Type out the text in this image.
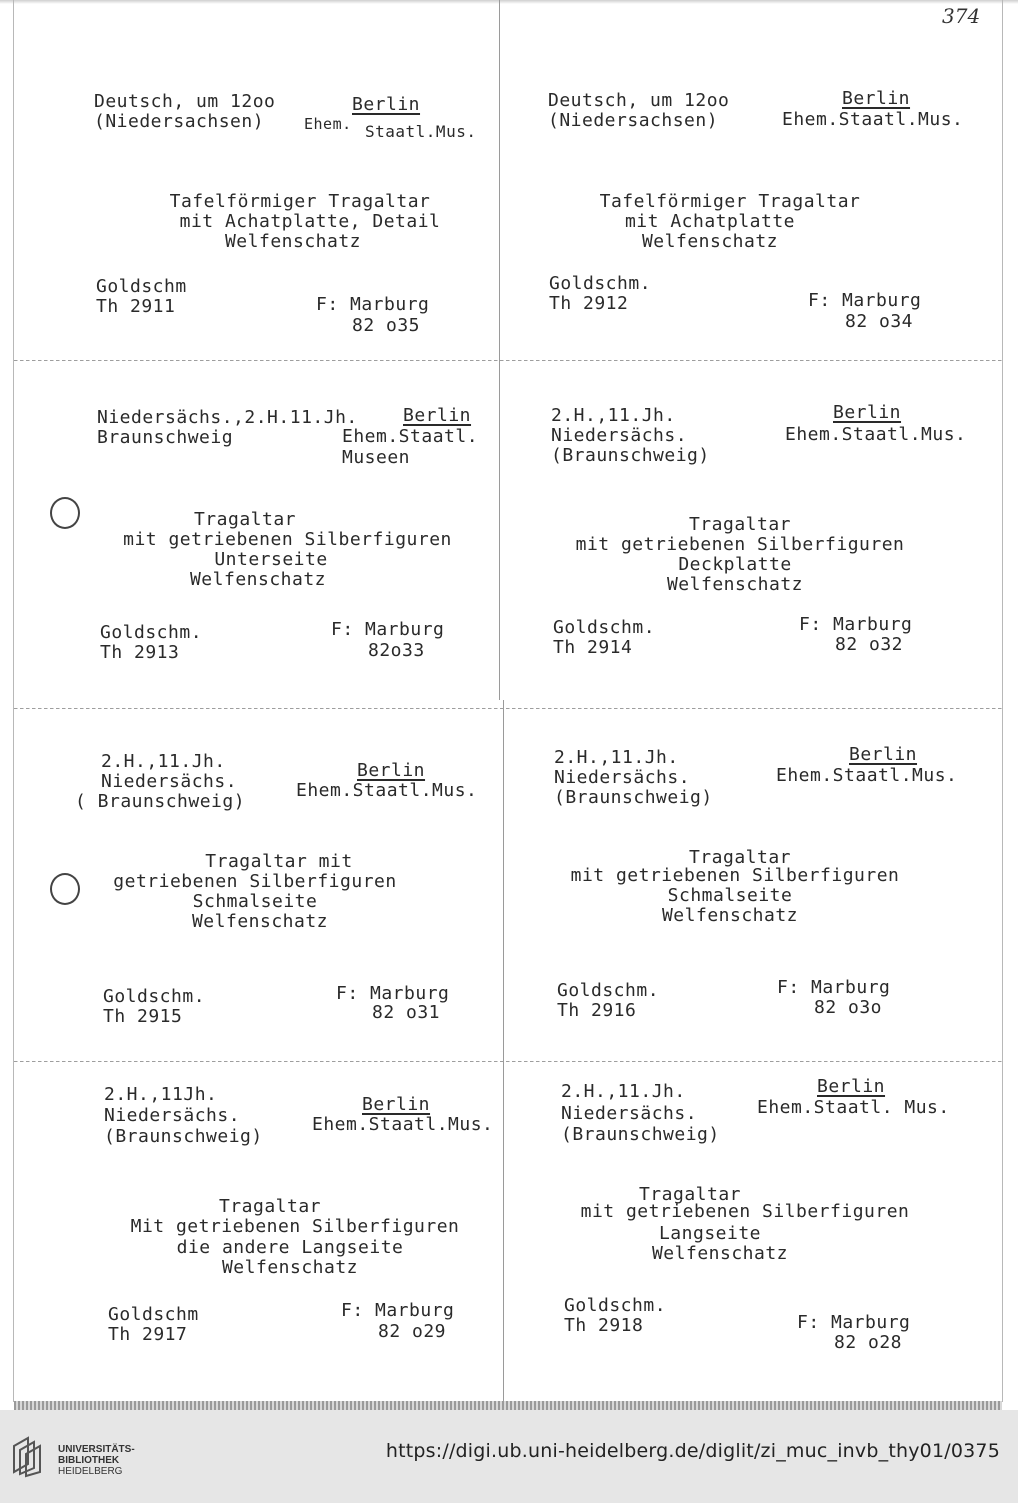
374
Deutsch, um 12oo
(Niedersachsen)
Berlin
Ehem. Staatl.Mus.
Tafelförmiger Tragaltar
mit Achatplatte, Detail
Welfenschatz
Goldschm
Th 2911	F: Marburg
82 o35
Deutsch, um 12oo
(Niedersachsen)
Berlin
Ehem.Staatl.Mus.
Tafelförmiger Tragaltar
mit Achatplatte
Welfenschatz
Goldschm.
Th 2912	F: Marburg
82 o34
Niedersächs.,2.H.11.Jh.
Braunschweig
Berlin
Ehem.Staatl.
Museen
Tragaltar
mit getriebenen Silberfiguren
Unterseite
Welfenschatz
Goldschm.
Th 2913
F: Marburg
82o33
2.H.,11.Jh.
Niedersächs.
(Braunschweig)
Berlin
Ehem.Staatl.Mus.
Tragaltar
mit getriebenen Silberfiguren
Deckplatte
Welfenschatz
Goldschm.
Th 2914
F: Marburg
82 o32
2.H.,11.Jh.
Niedersächs.
( Braunschweig)
Berlin
Ehem.Staatl.Mus.
Tragaltar mit
getriebenen Silberfiguren
Schmalseite
Welfenschatz
Goldschm.
Th 2915
F: Marburg
82 o31
2.H.,11.Jh.
Niedersächs.
(Braunschweig)
Berlin
Ehem.Staatl.Mus.
Tragaltar
mit getriebenen Silberfiguren
Schmalseite
Welfenschatz
Goldschm.
Th 2916
F: Marburg
82 o3o
2.H.,11Jh.
Niedersächs.
(Braunschweig)
Berlin
Ehem.Staatl.Mus.
Tragaltar
Mit getriebenen Silberfiguren
die andere Langseite
Welfenschatz
Goldschm
Th 2917
F: Marburg
82 o29
2.H.,11.Jh.
Niedersächs.
(Braunschweig)
Berlin
Ehem.Staatl. Mus.
Tragaltar
mit getriebenen Silberfiguren
Langseite
Welfenschatz
Goldschm.
Th 2918	F: Marburg
82 o28
UNIVERSITÄTS-
BIBLIOTHEK
HEIDELBERG
https://digi.ub.uni-heidelberg.de/diglit/zi_muc_invb_thy01/0375
